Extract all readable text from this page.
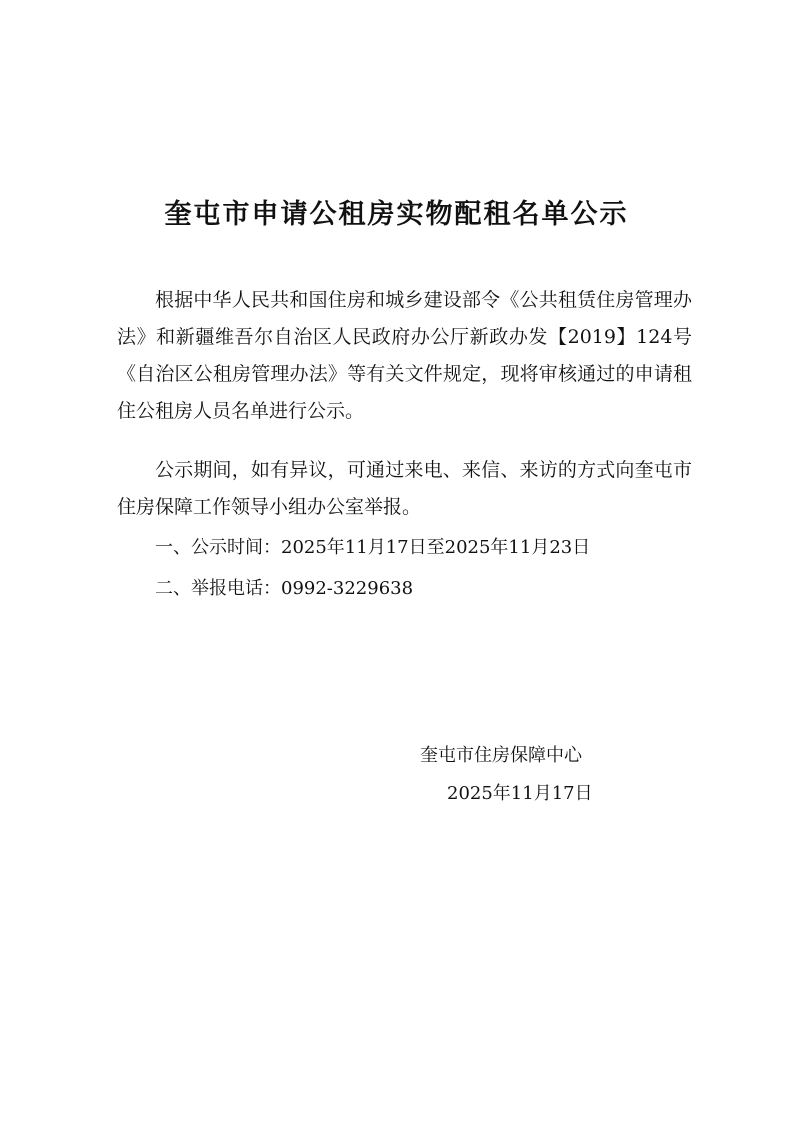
奎屯市申请公租房实物配租名单公示

根据中华人民共和国住房和城乡建设部令《公共租赁住房管理办法》和新疆维吾尔自治区人民政府办公厅新政办发【2019】124号《自治区公租房管理办法》等有关文件规定，现将审核通过的申请租住公租房人员名单进行公示。

公示期间，如有异议，可通过来电、来信、来访的方式向奎屯市住房保障工作领导小组办公室举报。

一、公示时间：2025年11月17日至2025年11月23日

二、举报电话：0992-3229638

奎屯市住房保障中心

2025年11月17日
